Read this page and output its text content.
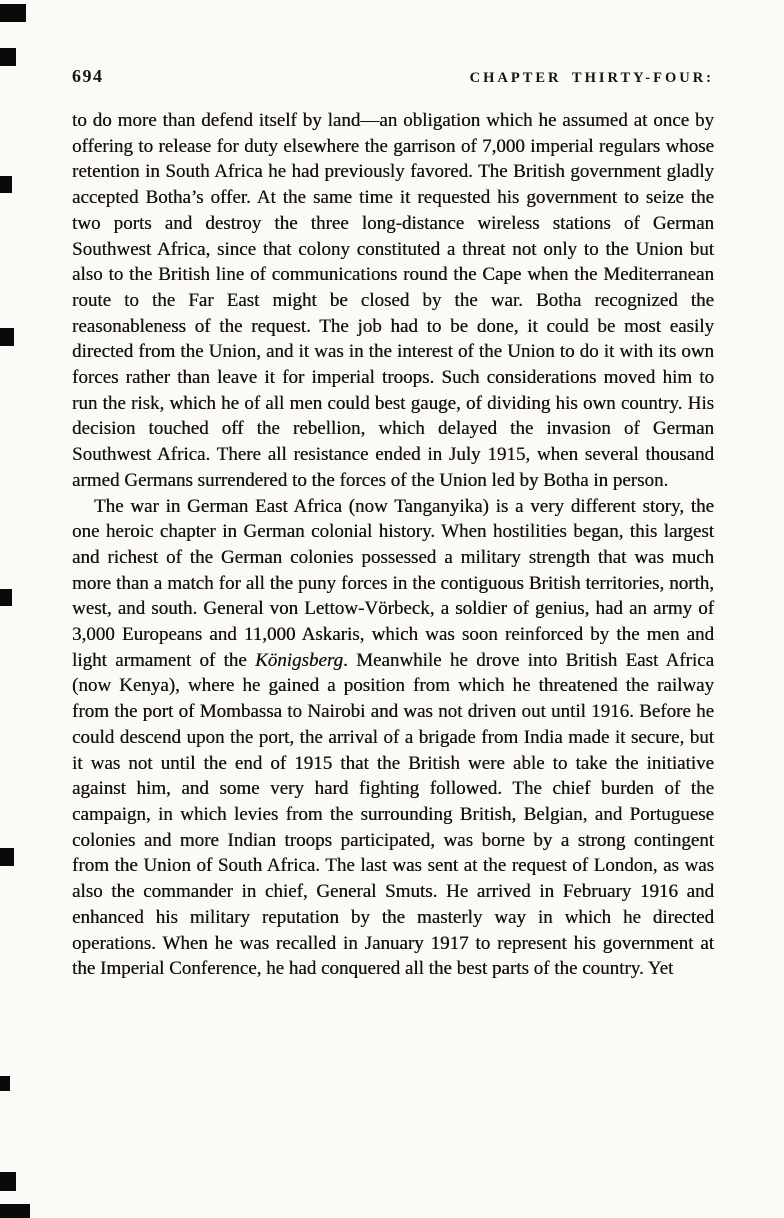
694	CHAPTER THIRTY-FOUR:

to do more than defend itself by land—an obligation which he assumed at once by offering to release for duty elsewhere the garrison of 7,000 imperial regulars whose retention in South Africa he had previously favored. The British government gladly accepted Botha’s offer. At the same time it requested his government to seize the two ports and destroy the three long-distance wireless stations of German Southwest Africa, since that colony constituted a threat not only to the Union but also to the British line of communications round the Cape when the Mediterranean route to the Far East might be closed by the war. Botha recognized the reasonableness of the request. The job had to be done, it could be most easily directed from the Union, and it was in the interest of the Union to do it with its own forces rather than leave it for imperial troops. Such considerations moved him to run the risk, which he of all men could best gauge, of dividing his own country. His decision touched off the rebellion, which delayed the invasion of German Southwest Africa. There all resistance ended in July 1915, when several thousand armed Germans surrendered to the forces of the Union led by Botha in person.

The war in German East Africa (now Tanganyika) is a very different story, the one heroic chapter in German colonial history. When hostilities began, this largest and richest of the German colonies possessed a military strength that was much more than a match for all the puny forces in the contiguous British territories, north, west, and south. General von Lettow-Vörbeck, a soldier of genius, had an army of 3,000 Europeans and 11,000 Askaris, which was soon reinforced by the men and light armament of the Königsberg. Meanwhile he drove into British East Africa (now Kenya), where he gained a position from which he threatened the railway from the port of Mombassa to Nairobi and was not driven out until 1916. Before he could descend upon the port, the arrival of a brigade from India made it secure, but it was not until the end of 1915 that the British were able to take the initiative against him, and some very hard fighting followed. The chief burden of the campaign, in which levies from the surrounding British, Belgian, and Portuguese colonies and more Indian troops participated, was borne by a strong contingent from the Union of South Africa. The last was sent at the request of London, as was also the commander in chief, General Smuts. He arrived in February 1916 and enhanced his military reputation by the masterly way in which he directed operations. When he was recalled in January 1917 to represent his government at the Imperial Conference, he had conquered all the best parts of the country. Yet
